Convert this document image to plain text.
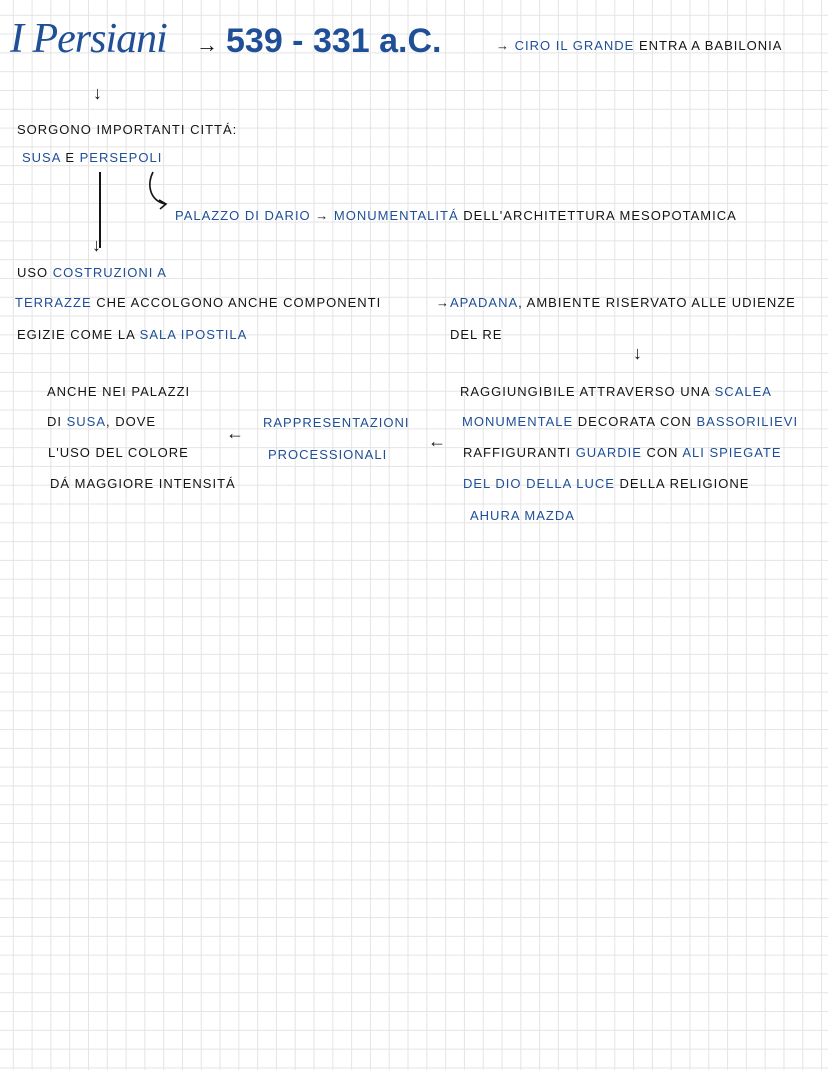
I Persiani → 539 - 331 a.C.	→ CIRO IL GRANDE ENTRA A BABILONIA
↓
SORGONO IMPORTANTI CITTÁ:
SUSA E PERSEPOLI
↓
PALAZZO DI DARIO → MONUMENTALITÁ DELL'ARCHITETTURA MESOPOTAMICA
USO COSTRUZIONI A
TERRAZZE CHE ACCOLGONO ANCHE COMPONENTI
EGIZIE COME LA SALA IPOSTILA
→APADANA, AMBIENTE RISERVATO ALLE UDIENZE
DEL RE
↓
RAGGIUNGIBILE ATTRAVERSO UNA SCALEA
MONUMENTALE DECORATA CON BASSORILIEVI
RAFFIGURANTI GUARDIE CON ALI SPIEGATE
DEL DIO DELLA LUCE DELLA RELIGIONE
AHURA MAZDA
←
RAPPRESENTAZIONI
PROCESSIONALI
←
ANCHE NEI PALAZZI
DI SUSA, DOVE
L'USO DEL COLORE
DÁ MAGGIORE INTENSITÁ
